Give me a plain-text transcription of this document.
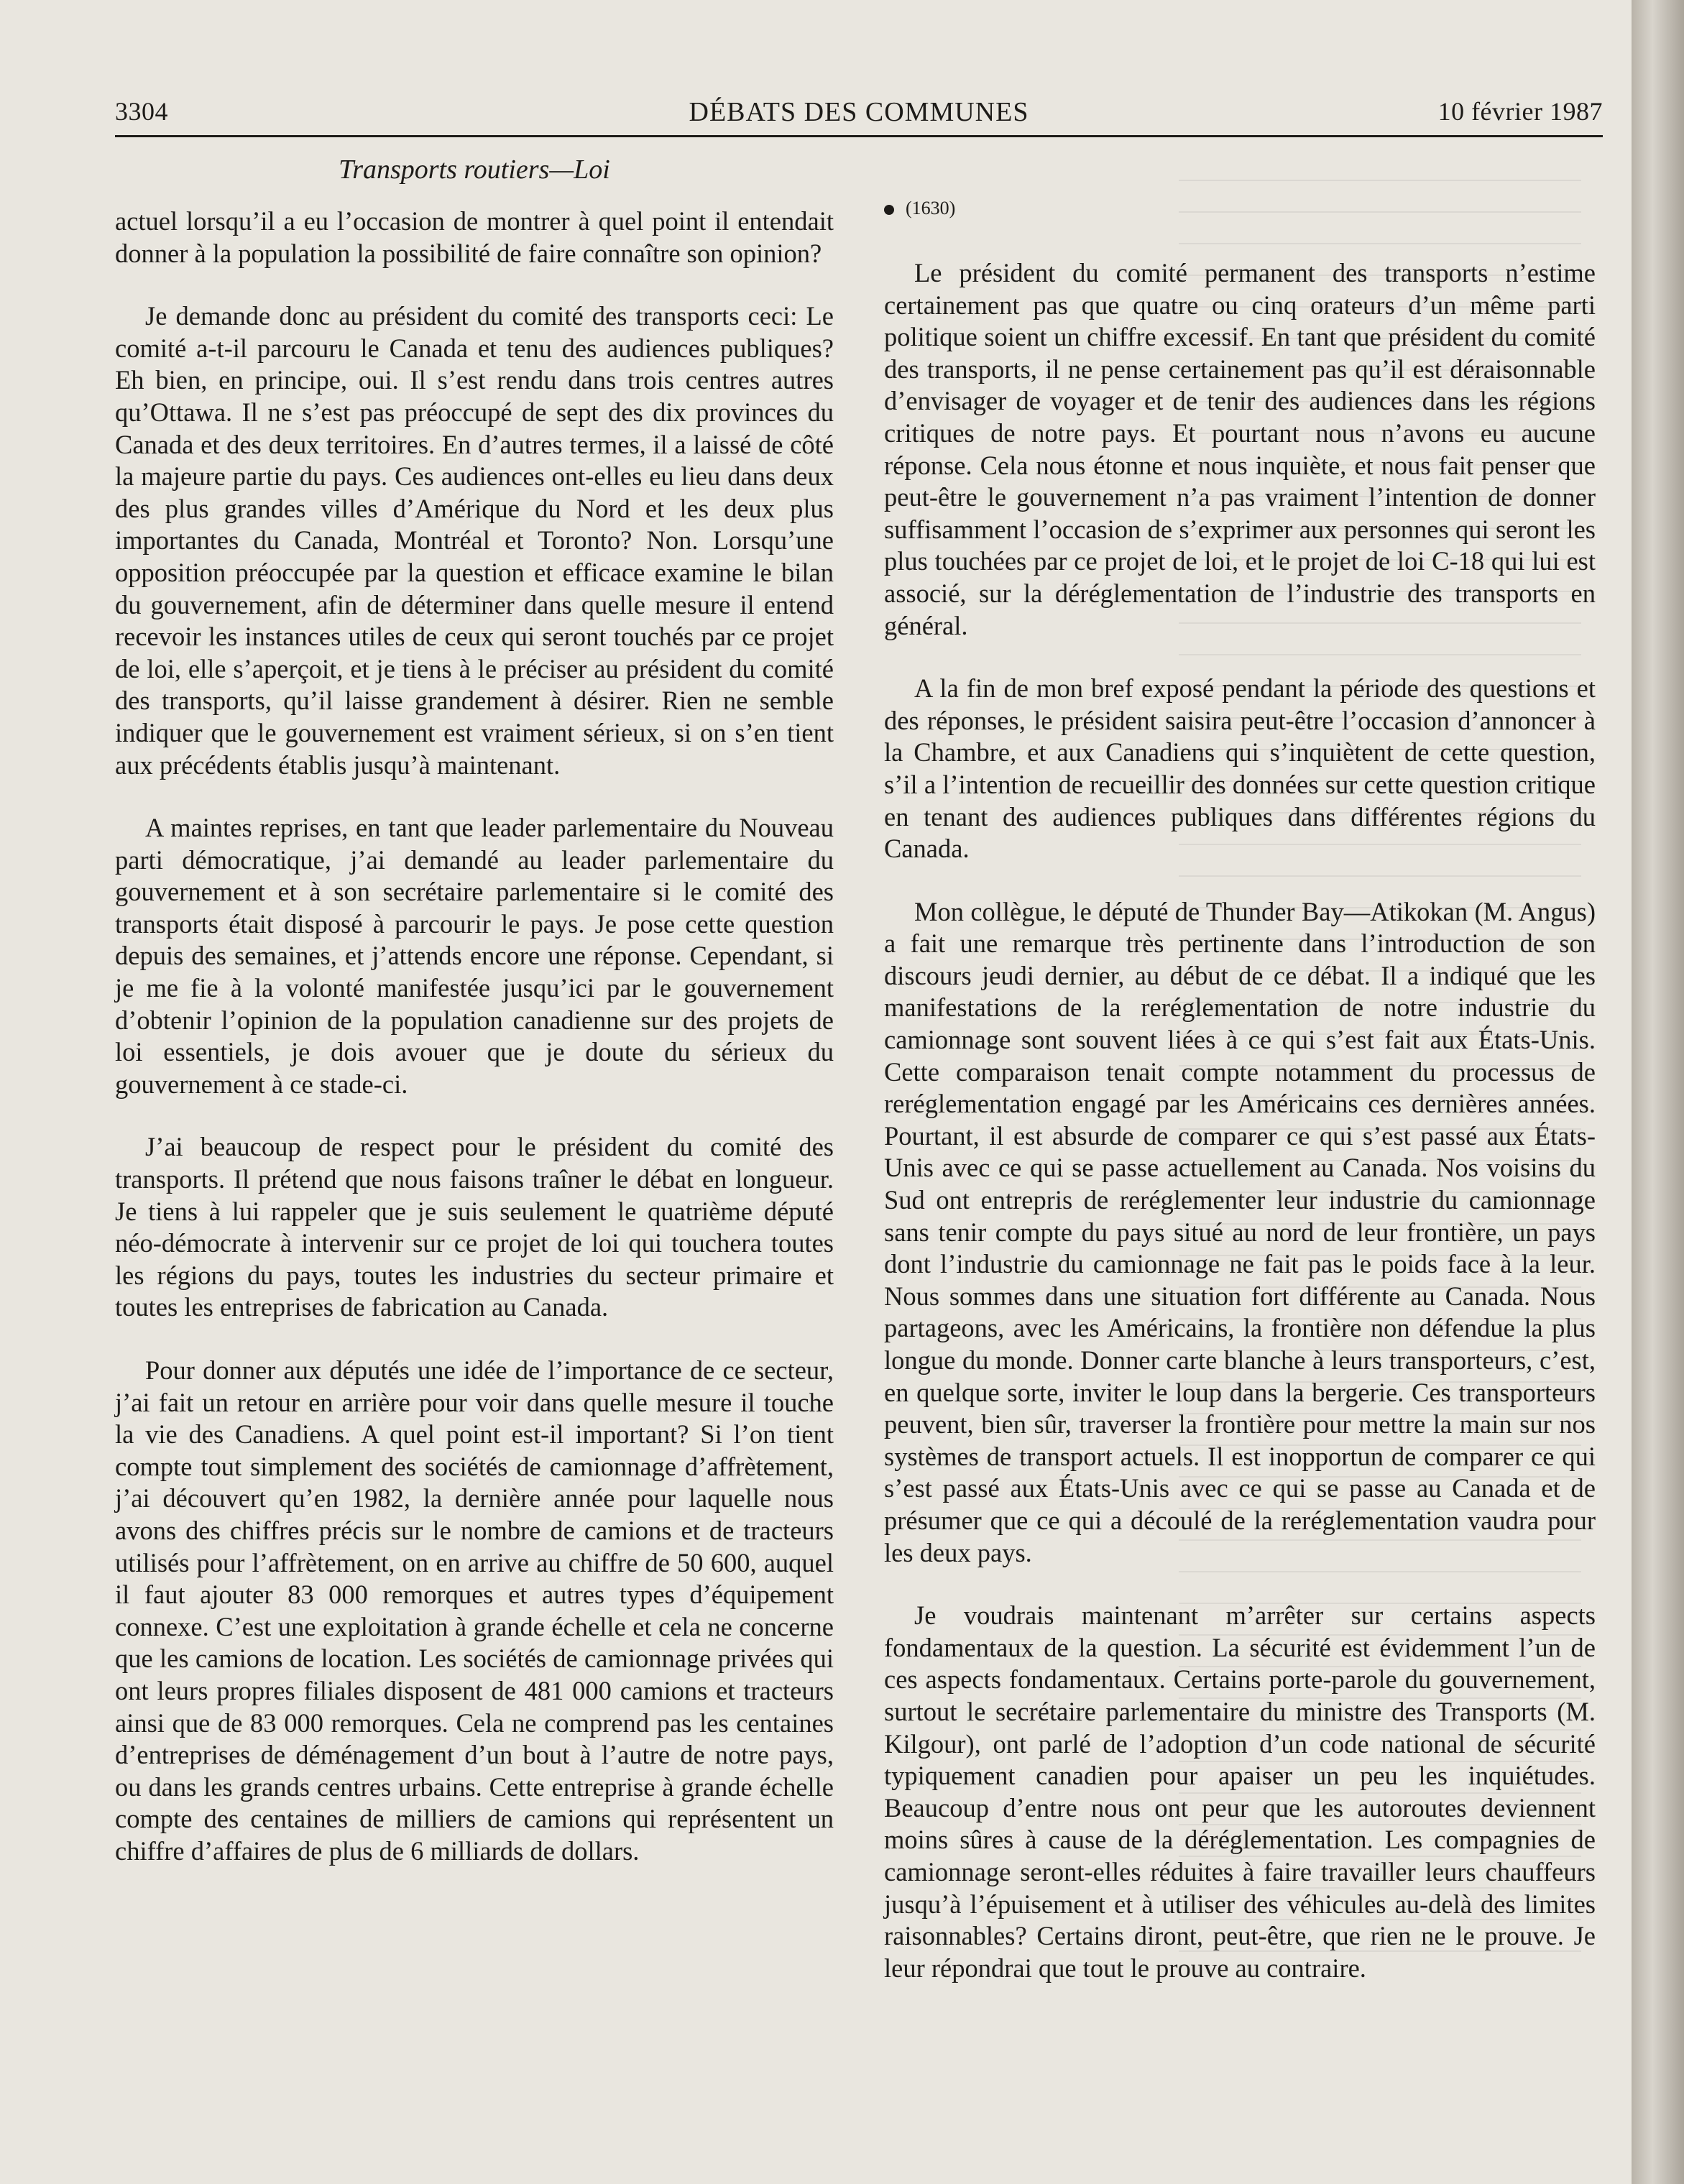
DÉBATS DES COMMUNES
3304	10 février 1987
Transports routiers—Loi

actuel lorsqu’il a eu l’occasion de montrer à quel point il entendait donner à la population la possibilité de faire connaître son opinion?

Je demande donc au président du comité des transports ceci: Le comité a-t-il parcouru le Canada et tenu des audiences publiques? Eh bien, en principe, oui. Il s’est rendu dans trois centres autres qu’Ottawa. Il ne s’est pas préoccupé de sept des dix provinces du Canada et des deux territoires. En d’autres termes, il a laissé de côté la majeure partie du pays. Ces audiences ont-elles eu lieu dans deux des plus grandes villes d’Amérique du Nord et les deux plus importantes du Canada, Montréal et Toronto? Non. Lorsqu’une opposition préoccupée par la question et efficace examine le bilan du gouvernement, afin de déterminer dans quelle mesure il entend recevoir les instances utiles de ceux qui seront touchés par ce projet de loi, elle s’aperçoit, et je tiens à le préciser au président du comité des transports, qu’il laisse grandement à désirer. Rien ne semble indiquer que le gouvernement est vraiment sérieux, si on s’en tient aux précédents établis jusqu’à maintenant.

A maintes reprises, en tant que leader parlementaire du Nouveau parti démocratique, j’ai demandé au leader parlementaire du gouvernement et à son secrétaire parlementaire si le comité des transports était disposé à parcourir le pays. Je pose cette question depuis des semaines, et j’attends encore une réponse. Cependant, si je me fie à la volonté manifestée jusqu’ici par le gouvernement d’obtenir l’opinion de la population canadienne sur des projets de loi essentiels, je dois avouer que je doute du sérieux du gouvernement à ce stade-ci.

J’ai beaucoup de respect pour le président du comité des transports. Il prétend que nous faisons traîner le débat en longueur. Je tiens à lui rappeler que je suis seulement le quatrième député néo-démocrate à intervenir sur ce projet de loi qui touchera toutes les régions du pays, toutes les industries du secteur primaire et toutes les entreprises de fabrication au Canada.

Pour donner aux députés une idée de l’importance de ce secteur, j’ai fait un retour en arrière pour voir dans quelle mesure il touche la vie des Canadiens. A quel point est-il important? Si l’on tient compte tout simplement des sociétés de camionnage d’affrètement, j’ai découvert qu’en 1982, la dernière année pour laquelle nous avons des chiffres précis sur le nombre de camions et de tracteurs utilisés pour l’affrètement, on en arrive au chiffre de 50 600, auquel il faut ajouter 83 000 remorques et autres types d’équipement connexe. C’est une exploitation à grande échelle et cela ne concerne que les camions de location. Les sociétés de camionnage privées qui ont leurs propres filiales disposent de 481 000 camions et tracteurs ainsi que de 83 000 remorques. Cela ne comprend pas les centaines d’entreprises de déménagement d’un bout à l’autre de notre pays, ou dans les grands centres urbains. Cette entreprise à grande échelle compte des centaines de milliers de camions qui représentent un chiffre d’affaires de plus de 6 milliards de dollars.

(1630)

Le président du comité permanent des transports n’estime certainement pas que quatre ou cinq orateurs d’un même parti politique soient un chiffre excessif. En tant que président du comité des transports, il ne pense certainement pas qu’il est déraisonnable d’envisager de voyager et de tenir des audiences dans les régions critiques de notre pays. Et pourtant nous n’avons eu aucune réponse. Cela nous étonne et nous inquiète, et nous fait penser que peut-être le gouvernement n’a pas vraiment l’intention de donner suffisamment l’occasion de s’exprimer aux personnes qui seront les plus touchées par ce projet de loi, et le projet de loi C-18 qui lui est associé, sur la déréglementation de l’industrie des transports en général.

A la fin de mon bref exposé pendant la période des questions et des réponses, le président saisira peut-être l’occasion d’annoncer à la Chambre, et aux Canadiens qui s’inquiètent de cette question, s’il a l’intention de recueillir des données sur cette question critique en tenant des audiences publiques dans différentes régions du Canada.

Mon collègue, le député de Thunder Bay—Atikokan (M. Angus) a fait une remarque très pertinente dans l’introduction de son discours jeudi dernier, au début de ce débat. Il a indiqué que les manifestations de la reréglementation de notre industrie du camionnage sont souvent liées à ce qui s’est fait aux États-Unis. Cette comparaison tenait compte notamment du processus de reréglementation engagé par les Américains ces dernières années. Pourtant, il est absurde de comparer ce qui s’est passé aux États-Unis avec ce qui se passe actuellement au Canada. Nos voisins du Sud ont entrepris de reréglementer leur industrie du camionnage sans tenir compte du pays situé au nord de leur frontière, un pays dont l’industrie du camionnage ne fait pas le poids face à la leur. Nous sommes dans une situation fort différente au Canada. Nous partageons, avec les Américains, la frontière non défendue la plus longue du monde. Donner carte blanche à leurs transporteurs, c’est, en quelque sorte, inviter le loup dans la bergerie. Ces transporteurs peuvent, bien sûr, traverser la frontière pour mettre la main sur nos systèmes de transport actuels. Il est inopportun de comparer ce qui s’est passé aux États-Unis avec ce qui se passe au Canada et de présumer que ce qui a découlé de la reréglementation vaudra pour les deux pays.

Je voudrais maintenant m’arrêter sur certains aspects fondamentaux de la question. La sécurité est évidemment l’un de ces aspects fondamentaux. Certains porte-parole du gouvernement, surtout le secrétaire parlementaire du ministre des Transports (M. Kilgour), ont parlé de l’adoption d’un code national de sécurité typiquement canadien pour apaiser un peu les inquiétudes. Beaucoup d’entre nous ont peur que les autoroutes deviennent moins sûres à cause de la déréglementation. Les compagnies de camionnage seront-elles réduites à faire travailler leurs chauffeurs jusqu’à l’épuisement et à utiliser des véhicules au-delà des limites raisonnables? Certains diront, peut-être, que rien ne le prouve. Je leur répondrai que tout le prouve au contraire.
